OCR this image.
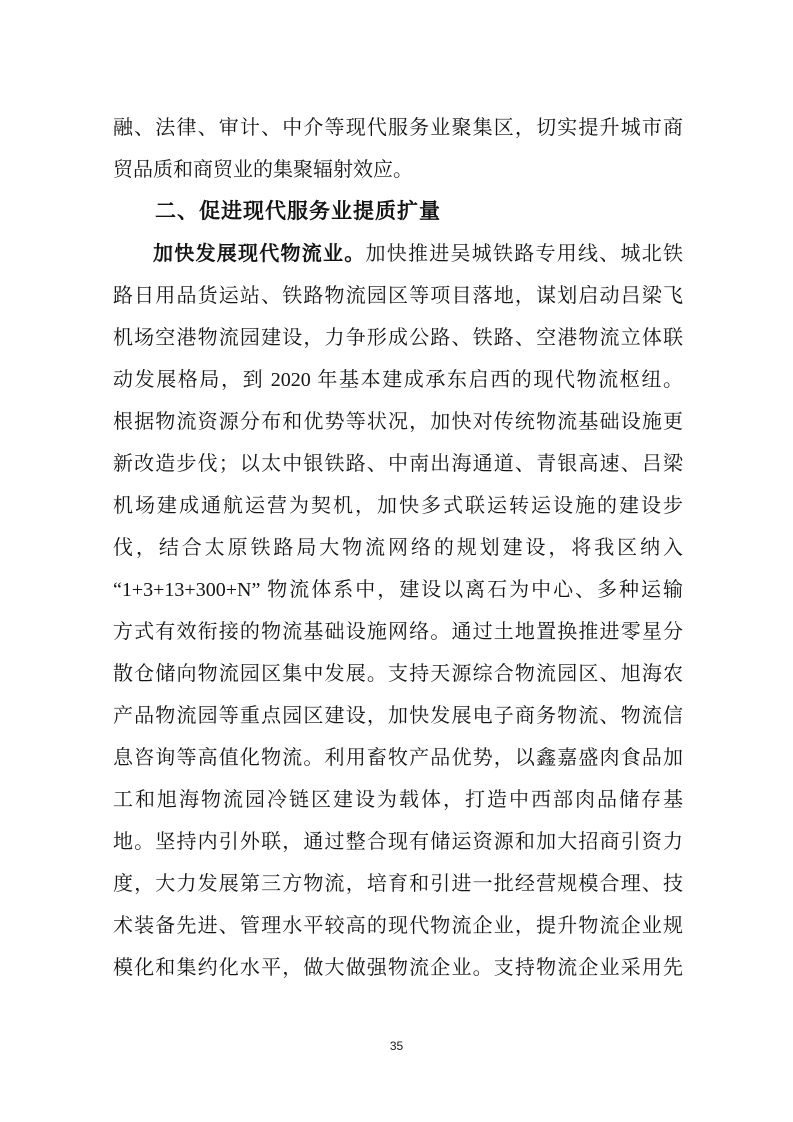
融、法律、审计、中介等现代服务业聚集区，切实提升城市商
贸品质和商贸业的集聚辐射效应。
二、促进现代服务业提质扩量
加快发展现代物流业。加快推进吴城铁路专用线、城北铁
路日用品货运站、铁路物流园区等项目落地，谋划启动吕梁飞
机场空港物流园建设，力争形成公路、铁路、空港物流立体联
动发展格局，到 2020 年基本建成承东启西的现代物流枢纽。
根据物流资源分布和优势等状况，加快对传统物流基础设施更
新改造步伐；以太中银铁路、中南出海通道、青银高速、吕梁
机场建成通航运营为契机，加快多式联运转运设施的建设步
伐，结合太原铁路局大物流网络的规划建设，将我区纳入
“1+3+13+300+N” 物流体系中，建设以离石为中心、多种运输
方式有效衔接的物流基础设施网络。通过土地置换推进零星分
散仓储向物流园区集中发展。支持天源综合物流园区、旭海农
产品物流园等重点园区建设，加快发展电子商务物流、物流信
息咨询等高值化物流。利用畜牧产品优势，以鑫嘉盛肉食品加
工和旭海物流园冷链区建设为载体，打造中西部肉品储存基
地。坚持内引外联，通过整合现有储运资源和加大招商引资力
度，大力发展第三方物流，培育和引进一批经营规模合理、技
术装备先进、管理水平较高的现代物流企业，提升物流企业规
模化和集约化水平，做大做强物流企业。支持物流企业采用先
35
